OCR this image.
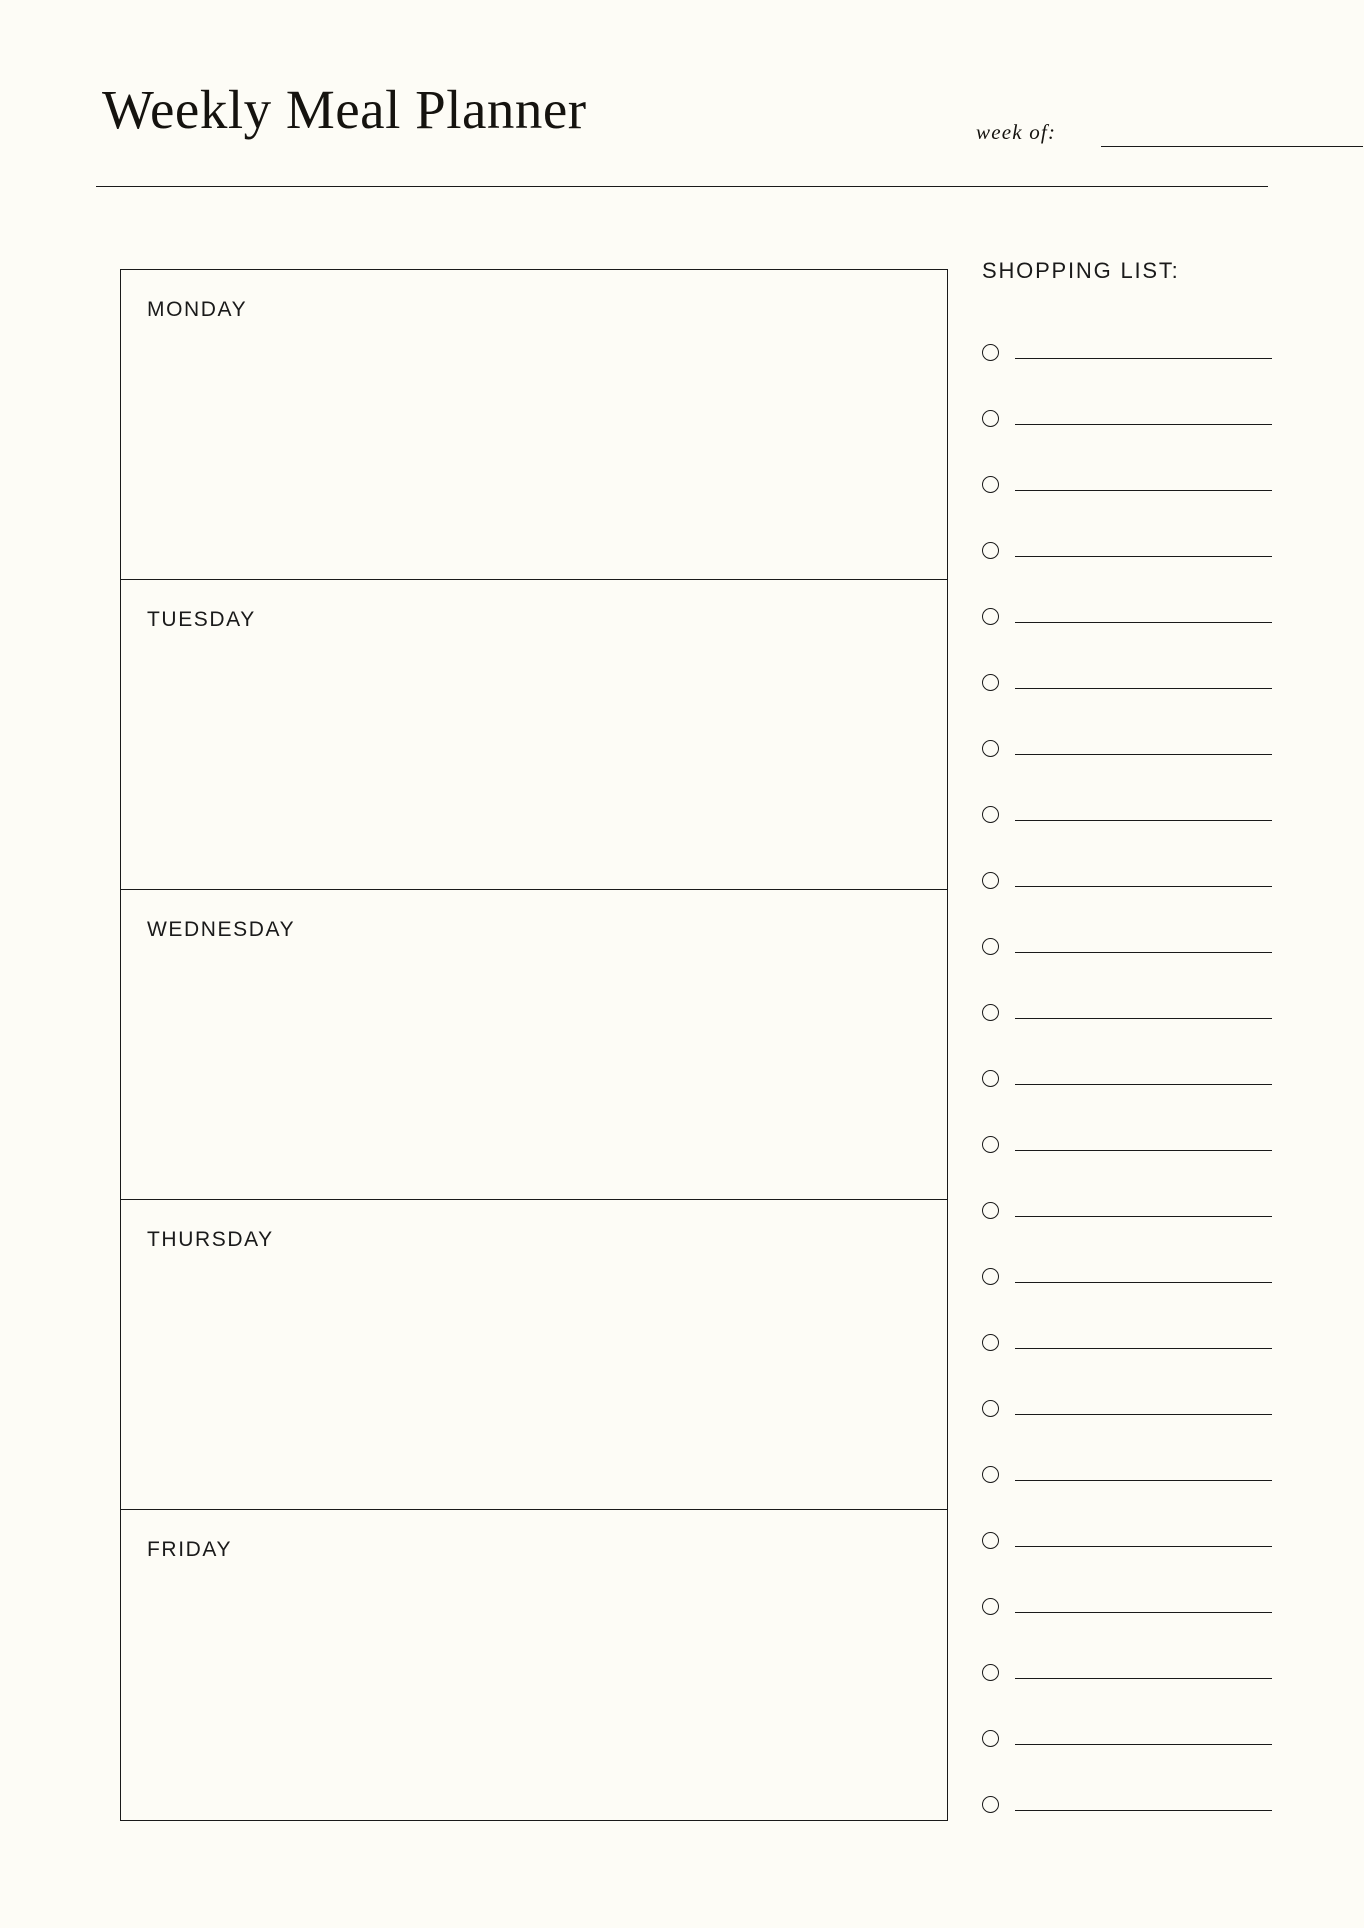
Weekly Meal Planner	week of:
MONDAY
TUESDAY
WEDNESDAY
THURSDAY
FRIDAY
SHOPPING LIST:
